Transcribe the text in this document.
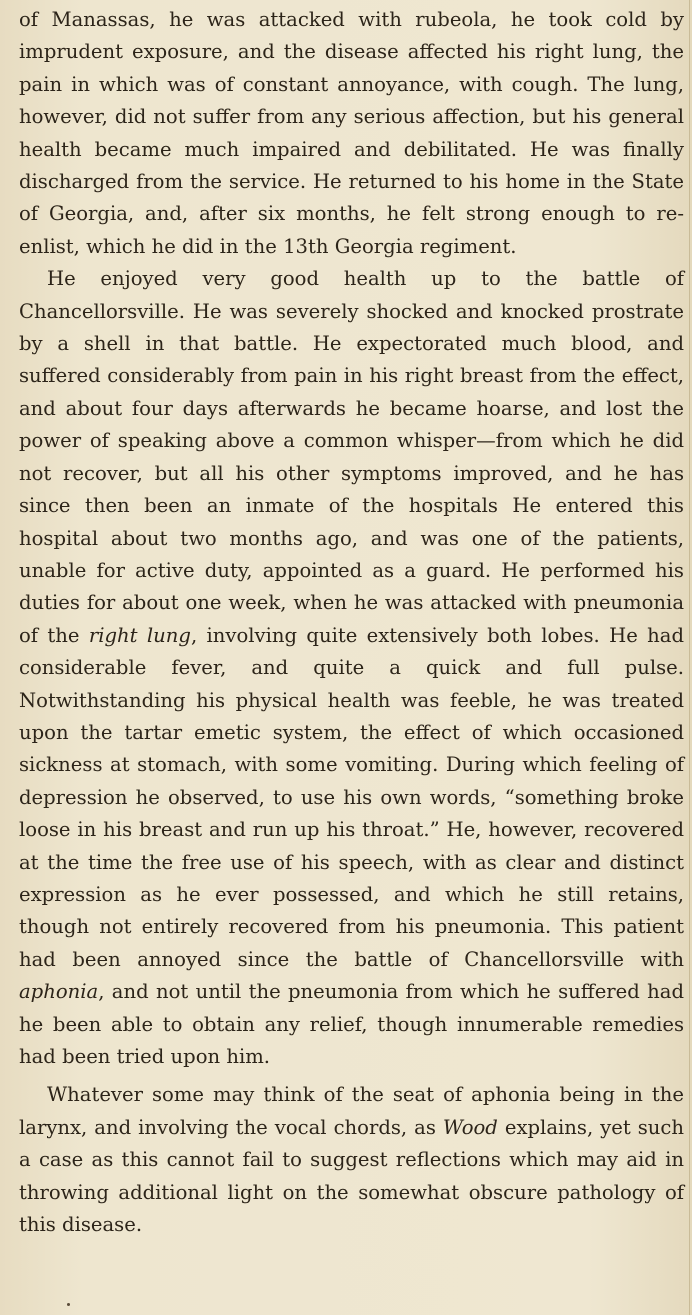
of Manassas, he was attacked with rubeola, he took cold by imprudent exposure, and the disease affected his right lung, the pain in which was of constant annoyance, with cough. The lung, however, did not suffer from any serious affection, but his general health became much impaired and debilitated. He was finally discharged from the service. He returned to his home in the State of Georgia, and, after six months, he felt strong enough to re-enlist, which he did in the 13th Georgia regiment.

He enjoyed very good health up to the battle of Chancellorsville. He was severely shocked and knocked prostrate by a shell in that battle. He expectorated much blood, and suffered considerably from pain in his right breast from the effect, and about four days afterwards he became hoarse, and lost the power of speaking above a common whisper—from which he did not recover, but all his other symptoms improved, and he has since then been an inmate of the hospitals He entered this hospital about two months ago, and was one of the patients, unable for active duty, appointed as a guard. He performed his duties for about one week, when he was attacked with pneumonia of the right lung, involving quite extensively both lobes. He had considerable fever, and quite a quick and full pulse. Notwithstanding his physical health was feeble, he was treated upon the tartar emetic system, the effect of which occasioned sickness at stomach, with some vomiting. During which feeling of depression he observed, to use his own words, “something broke loose in his breast and run up his throat.” He, however, recovered at the time the free use of his speech, with as clear and distinct expression as he ever possessed, and which he still retains, though not entirely recovered from his pneumonia. This patient had been annoyed since the battle of Chancellorsville with aphonia, and not until the pneumonia from which he suffered had he been able to obtain any relief, though innumerable remedies had been tried upon him.

Whatever some may think of the seat of aphonia being in the larynx, and involving the vocal chords, as Wood explains, yet such a case as this cannot fail to suggest reflections which may aid in throwing additional light on the somewhat obscure pathology of this disease.
